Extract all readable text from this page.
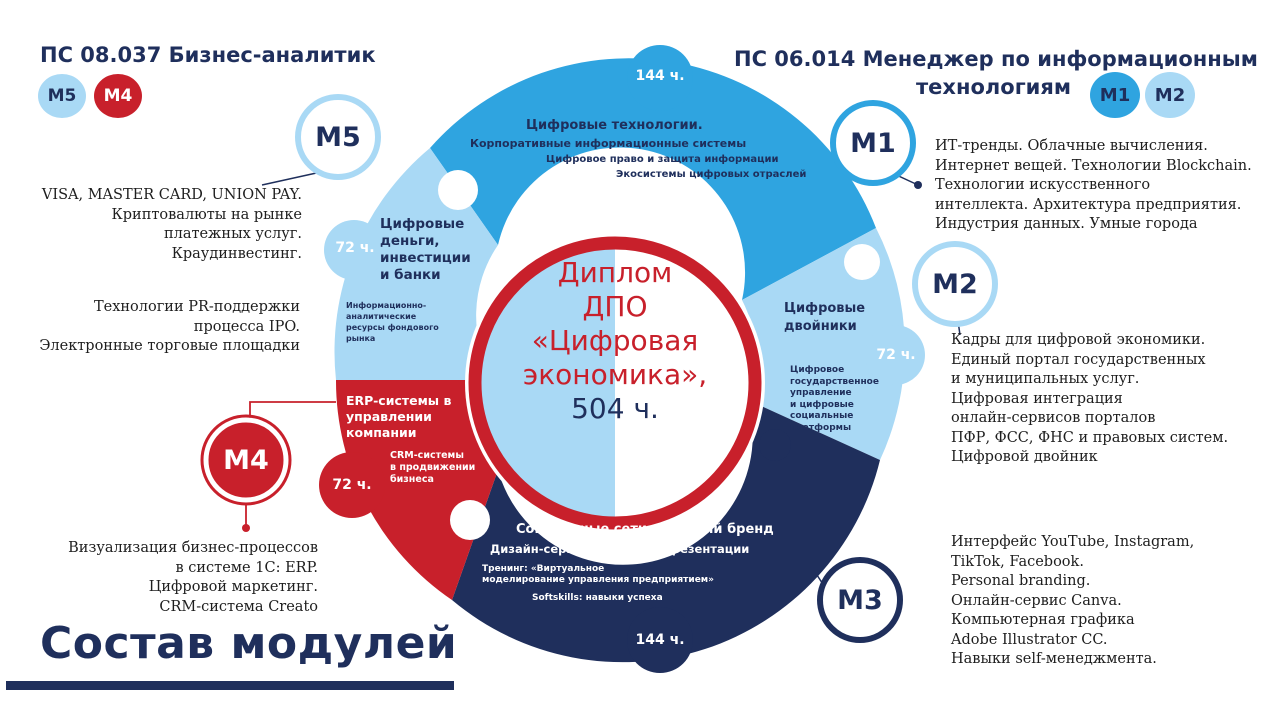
ПС 08.037 Бизнес-аналитик
М5	М4
ПС 06.014 Менеджер по информационным
технологиям	М1	М2
М5	М1
М2
М4
М3
144 ч.
72 ч.
72 ч.
72 ч.
144 ч.
Цифровые технологии.
Корпоративные информационные системы
Цифровое право и защита информации
Экосистемы цифровых отраслей
Цифровые
деньги,
инвестиции
и банки
Информационно-
аналитические
ресурсы фондового
рынка
Цифровые
двойники
Цифровое
государственное
управление
и цифровые
социальные
платформы
ERP-системы в
управлении
компании
CRM-системы
в продвижении
бизнеса
Социальные сети и личный бренд
Дизайн-сервисы для самопрезентации
Тренинг: «Виртуальное
моделирование управления предприятием»
Softskills: навыки успеха
Диплом
ДПО
«Цифровая
экономика»,
504 ч.
VISA, MASTER CARD, UNION PAY.
Криптовалюты на рынке
платежных услуг.
Краудинвестинг.
Технологии PR-поддержки
процесса IPO.
Электронные торговые площадки
Визуализация бизнес-процессов
в системе 1С: ERP.
Цифровой маркетинг.
CRM-система Creato
ИТ-тренды. Облачные вычисления.
Интернет вещей. Технологии Blockchain.
Технологии искусственного
интеллекта. Архитектура предприятия.
Индустрия данных. Умные города
Кадры для цифровой экономики.
Единый портал государственных
и муниципальных услуг.
Цифровая интеграция
онлайн-сервисов порталов
ПФР, ФСС, ФНС и правовых систем.
Цифровой двойник
Интерфейс YouTube, Instagram,
TikTok, Facebook.
Personal branding.
Онлайн-сервис Canva.
Компьютерная графика
Adobe Illustrator CC.
Навыки self-менеджмента.
Состав модулей
